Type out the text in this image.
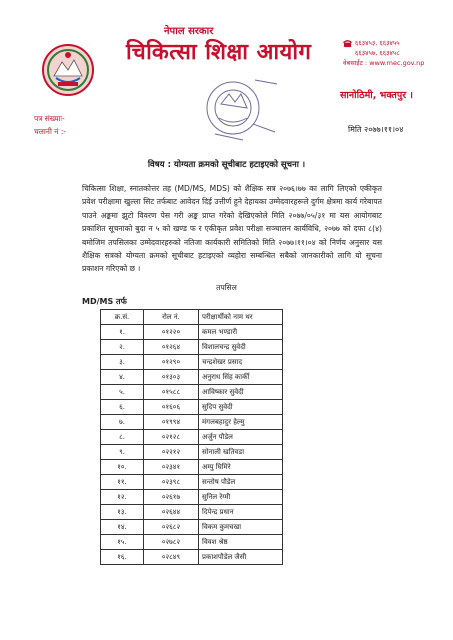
नेपाल सरकार
चिकित्सा शिक्षा आयोग	६६३४५३, ६६३४५५
६६३४५७, ६६३४५८
वेबसाईट : www.mec.gov.np
सानोठिमी, भक्तपुर ।
पत्र संख्याः-
चलानी नं :-	मिति २०७७।११।०४
विषय : योग्यता क्रमको सूचीबाट हटाइएको सूचना ।
चिकित्सा शिक्षा, स्नातकोत्तर तह (MD/MS, MDS) को शैक्षिक सत्र २०७६।७७ का लागि लिएको एकीकृत प्रवेश परीक्षामा खुल्ला सिट तर्फबाट आवेदन दिई उत्तीर्ण हुने देहायका उम्मेदवारहरूले दुर्गम क्षेत्रमा कार्य गरेबापत पाउने अङ्कमा झुटो विवरण पेस गरी अङ्क प्राप्त गरेको देखिएकोले मिति २०७७/०५/३१ मा यस आयोगबाट प्रकाशित सूचनाको बुदा न ५ को खण्ड फ र एकीकृत प्रवेश परीक्षा सञ्चालन कार्यविधि, २०७७ को दफा ८(४) बमोजिम तपसिलका उम्मेदवारहरुको नतिजा कार्यकारी समितिको मिति २०७७।११।०४ को निर्णय अनुसार यस शैक्षिक सत्रको योग्यता क्रमको सूचीबाट हटाइएको व्यहोरा सम्बन्धित सबैको जानकारीको लागि यो सूचना प्रकाशन गरिएको छ ।
तपसिल
MD/MS तर्फ
क्र.सं.	रोल नं.	परीक्षार्थीको नाम थर
१.	०१२२०	कमल भण्डारी
२.	०१२६४	विशालचन्द्र सुवेदी
३.	०१२९०	चन्द्रशेखर प्रसाद
४.	०१३०३	अनुराध सिंह कार्की
५.	०१५८८	आविष्कार सुवेदी
६.	०१६०६	सुदिप सुवेदी
७.	०१९९४	मंगलबहादुर हेल्मु
८.	०२१२८	अर्जुन पौडेल
९.	०२२१२	सोनाली खतिवडा
१०.	०२३४१	अम्पु घिमिरे
११.	०२३९८	सन्तोष पौडेल
१२.	०२६१७	सुनिल रेग्मी
१३.	०२६४४	दिपेन्द्र प्रधान
१४.	०२६८२	विकम कुमचखा
१५.	०२७८२	विवश श्रेष्ठ
१६.	०२८४९	प्रकाशपौडेल जैसी
